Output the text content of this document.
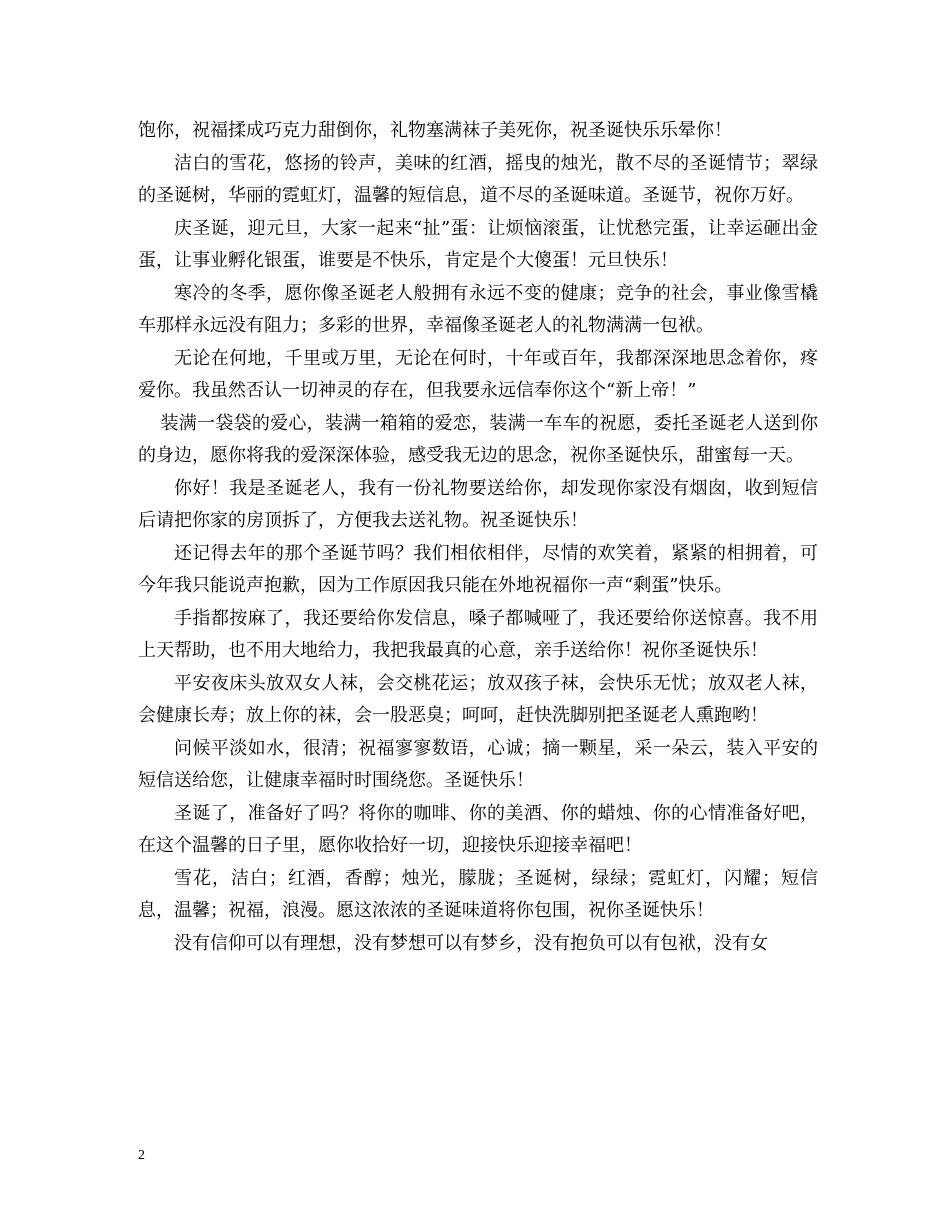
饱你，祝福揉成巧克力甜倒你，礼物塞满袜子美死你，祝圣诞快乐乐晕你！

洁白的雪花，悠扬的铃声，美味的红酒，摇曳的烛光，散不尽的圣诞情节；翠绿的圣诞树，华丽的霓虹灯，温馨的短信息，道不尽的圣诞味道。圣诞节，祝你万好。

庆圣诞，迎元旦，大家一起来“扯”蛋：让烦恼滚蛋，让忧愁完蛋，让幸运砸出金蛋，让事业孵化银蛋，谁要是不快乐，肯定是个大傻蛋！元旦快乐！

寒冷的冬季，愿你像圣诞老人般拥有永远不变的健康；竞争的社会，事业像雪橇车那样永远没有阻力；多彩的世界，幸福像圣诞老人的礼物满满一包袱。

无论在何地，千里或万里，无论在何时，十年或百年，我都深深地思念着你，疼爱你。我虽然否认一切神灵的存在，但我要永远信奉你这个“新上帝！”

装满一袋袋的爱心，装满一箱箱的爱恋，装满一车车的祝愿，委托圣诞老人送到你的身边，愿你将我的爱深深体验，感受我无边的思念，祝你圣诞快乐，甜蜜每一天。

你好！我是圣诞老人，我有一份礼物要送给你，却发现你家没有烟囱，收到短信后请把你家的房顶拆了，方便我去送礼物。祝圣诞快乐！

还记得去年的那个圣诞节吗？我们相依相伴，尽情的欢笑着，紧紧的相拥着，可今年我只能说声抱歉，因为工作原因我只能在外地祝福你一声“剩蛋”快乐。

手指都按麻了，我还要给你发信息，嗓子都喊哑了，我还要给你送惊喜。我不用上天帮助，也不用大地给力，我把我最真的心意，亲手送给你！祝你圣诞快乐！

平安夜床头放双女人袜，会交桃花运；放双孩子袜，会快乐无忧；放双老人袜，会健康长寿；放上你的袜，会一股恶臭；呵呵，赶快洗脚别把圣诞老人熏跑哟！

问候平淡如水，很清；祝福寥寥数语，心诚；摘一颗星，采一朵云，装入平安的短信送给您，让健康幸福时时围绕您。圣诞快乐！

圣诞了，准备好了吗？将你的咖啡、你的美酒、你的蜡烛、你的心情准备好吧，在这个温馨的日子里，愿你收拾好一切，迎接快乐迎接幸福吧！

雪花，洁白；红酒，香醇；烛光，朦胧；圣诞树，绿绿；霓虹灯，闪耀；短信息，温馨；祝福，浪漫。愿这浓浓的圣诞味道将你包围，祝你圣诞快乐！

没有信仰可以有理想，没有梦想可以有梦乡，没有抱负可以有包袱，没有女

2
